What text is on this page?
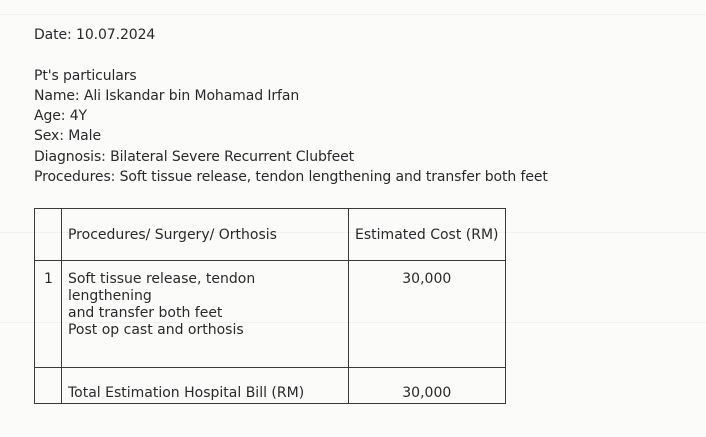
Date: 10.07.2024
Pt's particulars
Name: Ali Iskandar bin Mohamad Irfan
Age: 4Y
Sex: Male
Diagnosis: Bilateral Severe Recurrent Clubfeet
Procedures: Soft tissue release, tendon lengthening and transfer both feet

	Procedures/ Surgery/ Orthosis	Estimated Cost (RM)

1	Soft tissue release, tendon lengthening
and transfer both feet
Post op cast and orthosis	30,000

	Total Estimation Hospital Bill (RM)	30,000
